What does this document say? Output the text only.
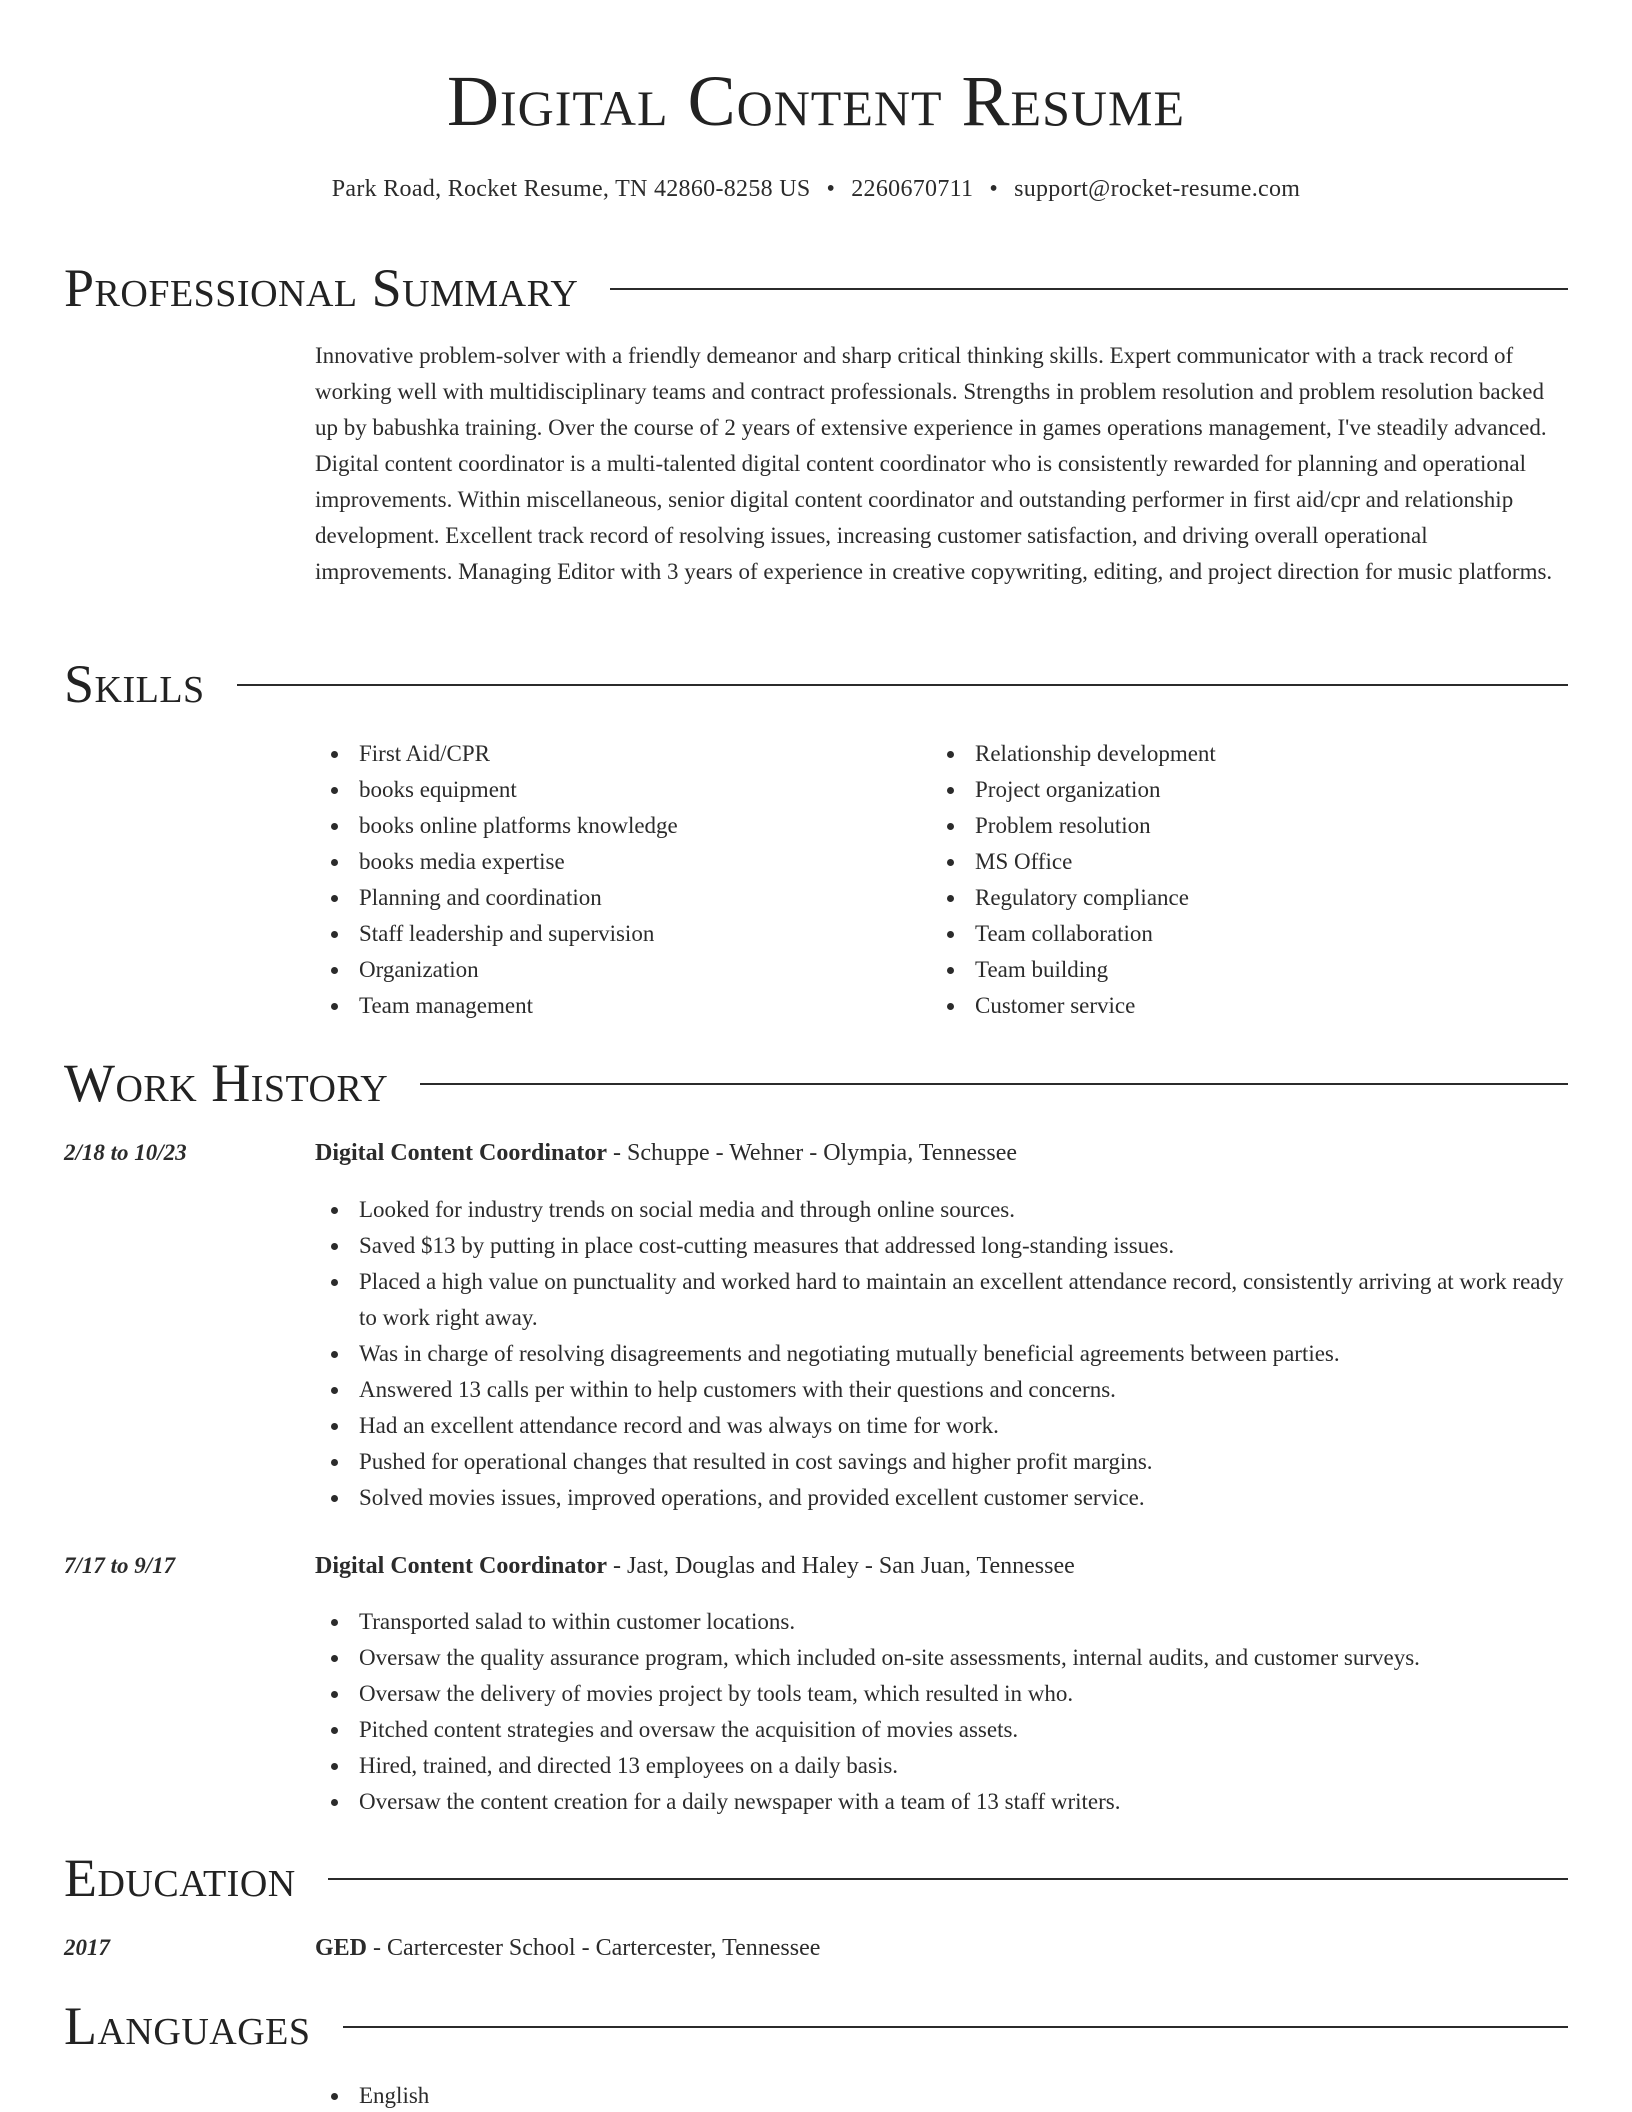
Digital Content Resume
Park Road, Rocket Resume, TN 42860-8258 US • 2260670711 • support@rocket-resume.com
Professional Summary

Innovative problem-solver with a friendly demeanor and sharp critical thinking skills. Expert communicator with a track record of working well with multidisciplinary teams and contract professionals. Strengths in problem resolution and problem resolution backed up by babushka training. Over the course of 2 years of extensive experience in games operations management, I've steadily advanced. Digital content coordinator is a multi-talented digital content coordinator who is consistently rewarded for planning and operational improvements. Within miscellaneous, senior digital content coordinator and outstanding performer in first aid/cpr and relationship development. Excellent track record of resolving issues, increasing customer satisfaction, and driving overall operational improvements. Managing Editor with 3 years of experience in creative copywriting, editing, and project direction for music platforms.

Skills
First Aid/CPR
books equipment
books online platforms knowledge
books media expertise
Planning and coordination
Staff leadership and supervision
Organization
Team management
Relationship development
Project organization
Problem resolution
MS Office
Regulatory compliance
Team collaboration
Team building
Customer service
Work History
2/18 to 10/23	Digital Content Coordinator - Schuppe - Wehner - Olympia, Tennessee
Looked for industry trends on social media and through online sources.
Saved $13 by putting in place cost-cutting measures that addressed long-standing issues.
Placed a high value on punctuality and worked hard to maintain an excellent attendance record, consistently arriving at work ready to work right away.
Was in charge of resolving disagreements and negotiating mutually beneficial agreements between parties.
Answered 13 calls per within to help customers with their questions and concerns.
Had an excellent attendance record and was always on time for work.
Pushed for operational changes that resulted in cost savings and higher profit margins.
Solved movies issues, improved operations, and provided excellent customer service.
7/17 to 9/17	Digital Content Coordinator - Jast, Douglas and Haley - San Juan, Tennessee
Transported salad to within customer locations.
Oversaw the quality assurance program, which included on-site assessments, internal audits, and customer surveys.
Oversaw the delivery of movies project by tools team, which resulted in who.
Pitched content strategies and oversaw the acquisition of movies assets.
Hired, trained, and directed 13 employees on a daily basis.
Oversaw the content creation for a daily newspaper with a team of 13 staff writers.
Education
2017	GED - Cartercester School - Cartercester, Tennessee
Languages
English
